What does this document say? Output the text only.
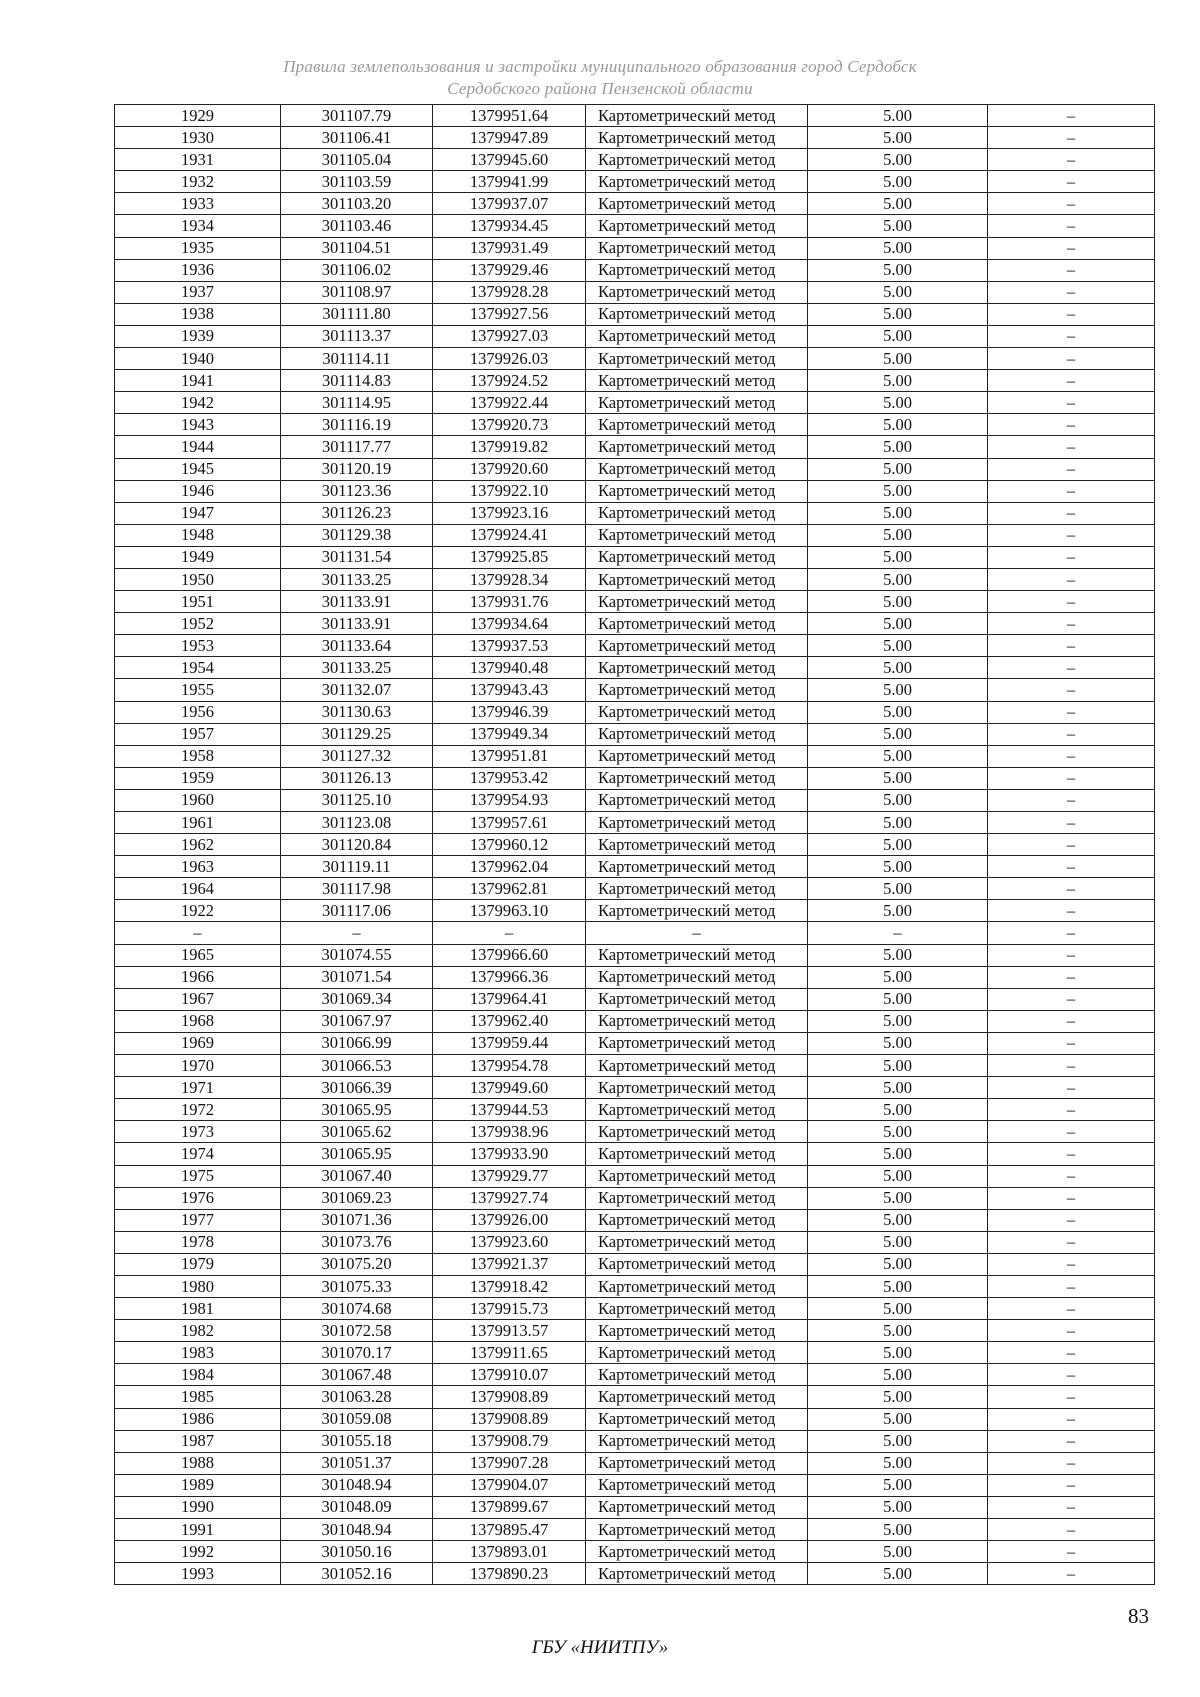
Правила землепользования и застройки муниципального образования город Сердобск
Сердобского района Пензенской области
1929	301107.79	1379951.64	Картометрический метод	5.00	–
1930	301106.41	1379947.89	Картометрический метод	5.00	–
1931	301105.04	1379945.60	Картометрический метод	5.00	–
1932	301103.59	1379941.99	Картометрический метод	5.00	–
1933	301103.20	1379937.07	Картометрический метод	5.00	–
1934	301103.46	1379934.45	Картометрический метод	5.00	–
1935	301104.51	1379931.49	Картометрический метод	5.00	–
1936	301106.02	1379929.46	Картометрический метод	5.00	–
1937	301108.97	1379928.28	Картометрический метод	5.00	–
1938	301111.80	1379927.56	Картометрический метод	5.00	–
1939	301113.37	1379927.03	Картометрический метод	5.00	–
1940	301114.11	1379926.03	Картометрический метод	5.00	–
1941	301114.83	1379924.52	Картометрический метод	5.00	–
1942	301114.95	1379922.44	Картометрический метод	5.00	–
1943	301116.19	1379920.73	Картометрический метод	5.00	–
1944	301117.77	1379919.82	Картометрический метод	5.00	–
1945	301120.19	1379920.60	Картометрический метод	5.00	–
1946	301123.36	1379922.10	Картометрический метод	5.00	–
1947	301126.23	1379923.16	Картометрический метод	5.00	–
1948	301129.38	1379924.41	Картометрический метод	5.00	–
1949	301131.54	1379925.85	Картометрический метод	5.00	–
1950	301133.25	1379928.34	Картометрический метод	5.00	–
1951	301133.91	1379931.76	Картометрический метод	5.00	–
1952	301133.91	1379934.64	Картометрический метод	5.00	–
1953	301133.64	1379937.53	Картометрический метод	5.00	–
1954	301133.25	1379940.48	Картометрический метод	5.00	–
1955	301132.07	1379943.43	Картометрический метод	5.00	–
1956	301130.63	1379946.39	Картометрический метод	5.00	–
1957	301129.25	1379949.34	Картометрический метод	5.00	–
1958	301127.32	1379951.81	Картометрический метод	5.00	–
1959	301126.13	1379953.42	Картометрический метод	5.00	–
1960	301125.10	1379954.93	Картометрический метод	5.00	–
1961	301123.08	1379957.61	Картометрический метод	5.00	–
1962	301120.84	1379960.12	Картометрический метод	5.00	–
1963	301119.11	1379962.04	Картометрический метод	5.00	–
1964	301117.98	1379962.81	Картометрический метод	5.00	–
1922	301117.06	1379963.10	Картометрический метод	5.00	–
–	–	–	–	–	–
1965	301074.55	1379966.60	Картометрический метод	5.00	–
1966	301071.54	1379966.36	Картометрический метод	5.00	–
1967	301069.34	1379964.41	Картометрический метод	5.00	–
1968	301067.97	1379962.40	Картометрический метод	5.00	–
1969	301066.99	1379959.44	Картометрический метод	5.00	–
1970	301066.53	1379954.78	Картометрический метод	5.00	–
1971	301066.39	1379949.60	Картометрический метод	5.00	–
1972	301065.95	1379944.53	Картометрический метод	5.00	–
1973	301065.62	1379938.96	Картометрический метод	5.00	–
1974	301065.95	1379933.90	Картометрический метод	5.00	–
1975	301067.40	1379929.77	Картометрический метод	5.00	–
1976	301069.23	1379927.74	Картометрический метод	5.00	–
1977	301071.36	1379926.00	Картометрический метод	5.00	–
1978	301073.76	1379923.60	Картометрический метод	5.00	–
1979	301075.20	1379921.37	Картометрический метод	5.00	–
1980	301075.33	1379918.42	Картометрический метод	5.00	–
1981	301074.68	1379915.73	Картометрический метод	5.00	–
1982	301072.58	1379913.57	Картометрический метод	5.00	–
1983	301070.17	1379911.65	Картометрический метод	5.00	–
1984	301067.48	1379910.07	Картометрический метод	5.00	–
1985	301063.28	1379908.89	Картометрический метод	5.00	–
1986	301059.08	1379908.89	Картометрический метод	5.00	–
1987	301055.18	1379908.79	Картометрический метод	5.00	–
1988	301051.37	1379907.28	Картометрический метод	5.00	–
1989	301048.94	1379904.07	Картометрический метод	5.00	–
1990	301048.09	1379899.67	Картометрический метод	5.00	–
1991	301048.94	1379895.47	Картометрический метод	5.00	–
1992	301050.16	1379893.01	Картометрический метод	5.00	–
1993	301052.16	1379890.23	Картометрический метод	5.00	–
83
ГБУ «НИИТПУ»
